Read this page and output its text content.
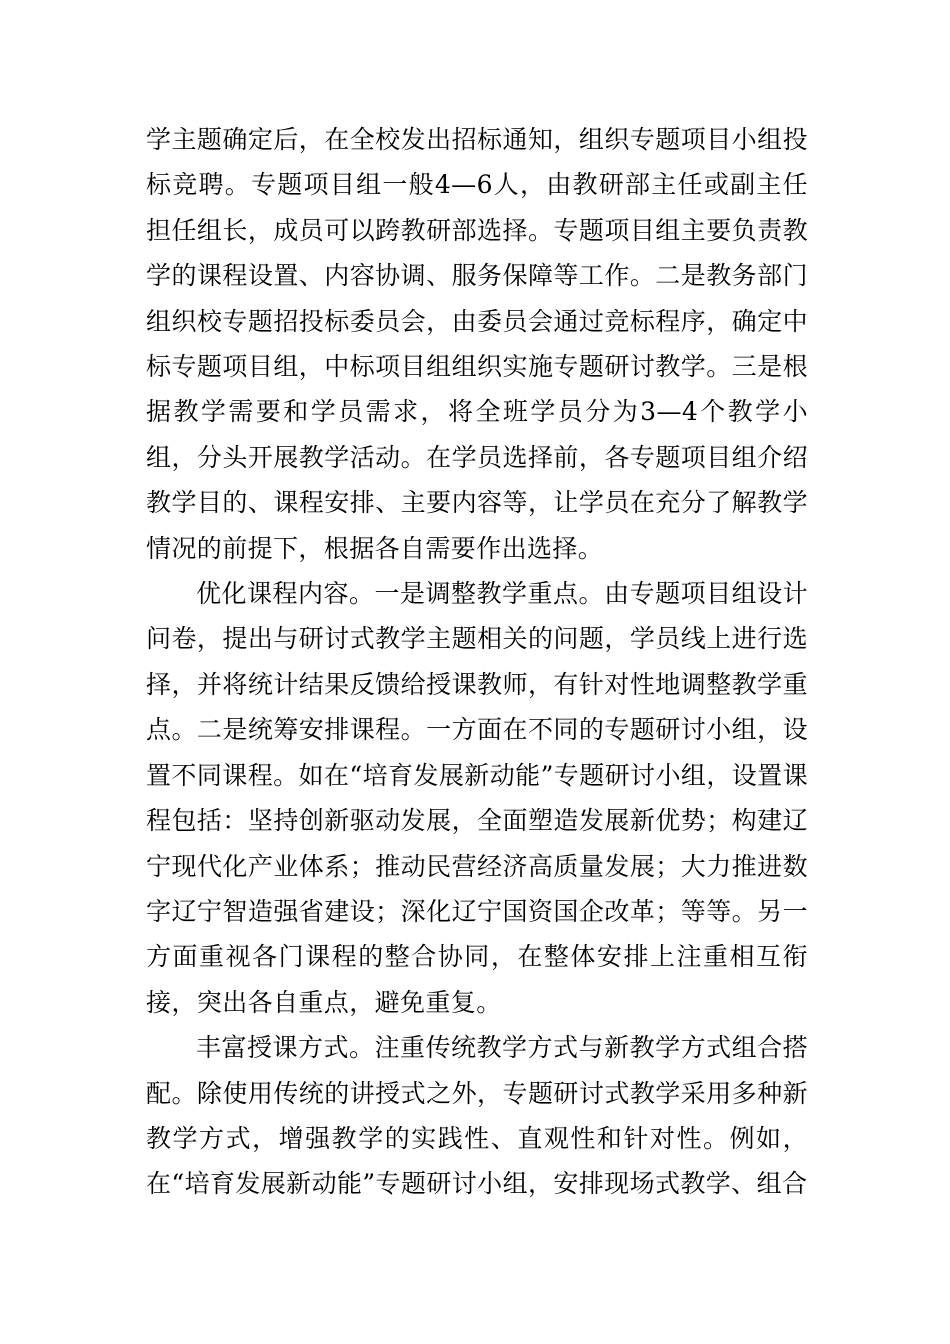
学主题确定后，在全校发出招标通知，组织专题项目小组投标竞聘。专题项目组一般4—6人，由教研部主任或副主任担任组长，成员可以跨教研部选择。专题项目组主要负责教学的课程设置、内容协调、服务保障等工作。二是教务部门组织校专题招投标委员会，由委员会通过竞标程序，确定中标专题项目组，中标项目组组织实施专题研讨教学。三是根据教学需要和学员需求，将全班学员分为3—4个教学小组，分头开展教学活动。在学员选择前，各专题项目组介绍教学目的、课程安排、主要内容等，让学员在充分了解教学情况的前提下，根据各自需要作出选择。

优化课程内容。一是调整教学重点。由专题项目组设计问卷，提出与研讨式教学主题相关的问题，学员线上进行选择，并将统计结果反馈给授课教师，有针对性地调整教学重点。二是统筹安排课程。一方面在不同的专题研讨小组，设置不同课程。如在“培育发展新动能”专题研讨小组，设置课程包括：坚持创新驱动发展，全面塑造发展新优势；构建辽宁现代化产业体系；推动民营经济高质量发展；大力推进数字辽宁智造强省建设；深化辽宁国资国企改革；等等。另一方面重视各门课程的整合协同，在整体安排上注重相互衔接，突出各自重点，避免重复。

丰富授课方式。注重传统教学方式与新教学方式组合搭配。除使用传统的讲授式之外，专题研讨式教学采用多种新教学方式，增强教学的实践性、直观性和针对性。例如，在“培育发展新动能”专题研讨小组，安排现场式教学、组合
